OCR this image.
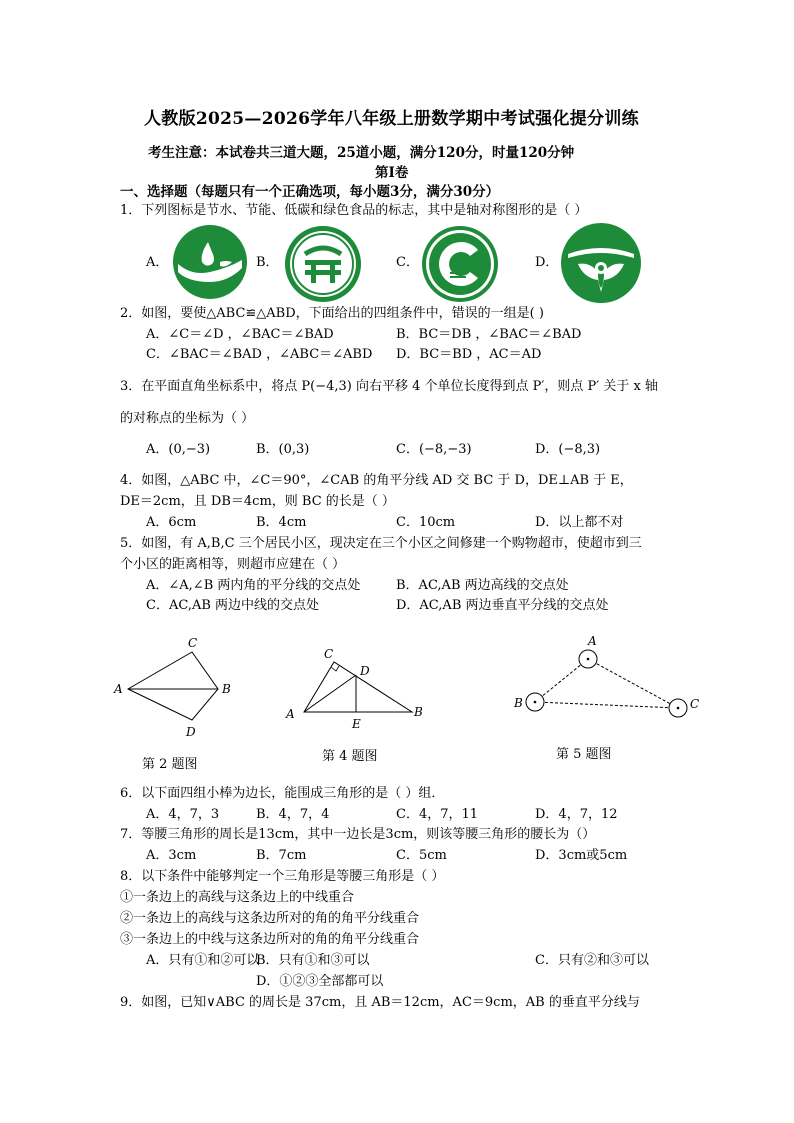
人教版2025—2026学年八年级上册数学期中考试强化提分训练
考生注意：本试卷共三道大题，25道小题，满分120分，时量120分钟
第Ⅰ卷
一、选择题（每题只有一个正确选项，每小题3分，满分30分）
1．下列图标是节水、节能、低碳和绿色食品的标志，其中是轴对称图形的是（ ）
A．	B．	C．	D．
2．如图，要使△ABC≌△ABD，下面给出的四组条件中，错误的一组是( )
A．∠C＝∠D ，∠BAC＝∠BAD	B．BC＝DB ，∠BAC＝∠BAD
C．∠BAC＝∠BAD ，∠ABC＝∠ABD D．BC＝BD ，AC＝AD
3．在平面直角坐标系中，将点 P(−4,3) 向右平移 4 个单位长度得到点 P′，则点 P′ 关于 x 轴
的对称点的坐标为（ ）
A．(0,−3)	B．(0,3)	C．(−8,−3)	D．(−8,3)
4．如图，△ABC 中，∠C＝90°，∠CAB 的角平分线 AD 交 BC 于 D，DE⊥AB 于 E，
DE＝2cm，且 DB＝4cm，则 BC 的长是（ ）
A．6cm	B．4cm	C．10cm	D．以上都不对
5．如图，有 A,B,C 三个居民小区，现决定在三个小区之间修建一个购物超市，使超市到三
个小区的距离相等，则超市应建在（ ）
A．∠A,∠B 两内角的平分线的交点处	B．AC,AB 两边高线的交点处
C．AC,AB 两边中线的交点处	D．AC,AB 两边垂直平分线的交点处
A
C
B
D
第 2 题图
A
C
D
E
B
第 4 题图
A
B	C
第 5 题图
6．以下面四组小棒为边长，能围成三角形的是（ ）组．
A．4，7，3	B．4，7，4	C．4，7，11	D．4，7，12
7．等腰三角形的周长是13cm，其中一边长是3cm，则该等腰三角形的腰长为（）
A．3cm	B．7cm	C．5cm	D．3cm或5cm
8．以下条件中能够判定一个三角形是等腰三角形是（ ）
①一条边上的高线与这条边上的中线重合
②一条边上的高线与这条边所对的角的角平分线重合
③一条边上的中线与这条边所对的角的角平分线重合
A．只有①和②可以
B．只有①和③可以	C．只有②和③可以
D．①②③全部都可以
9．如图，已知∨ABC 的周长是 37cm，且 AB＝12cm，AC＝9cm，AB 的垂直平分线与
